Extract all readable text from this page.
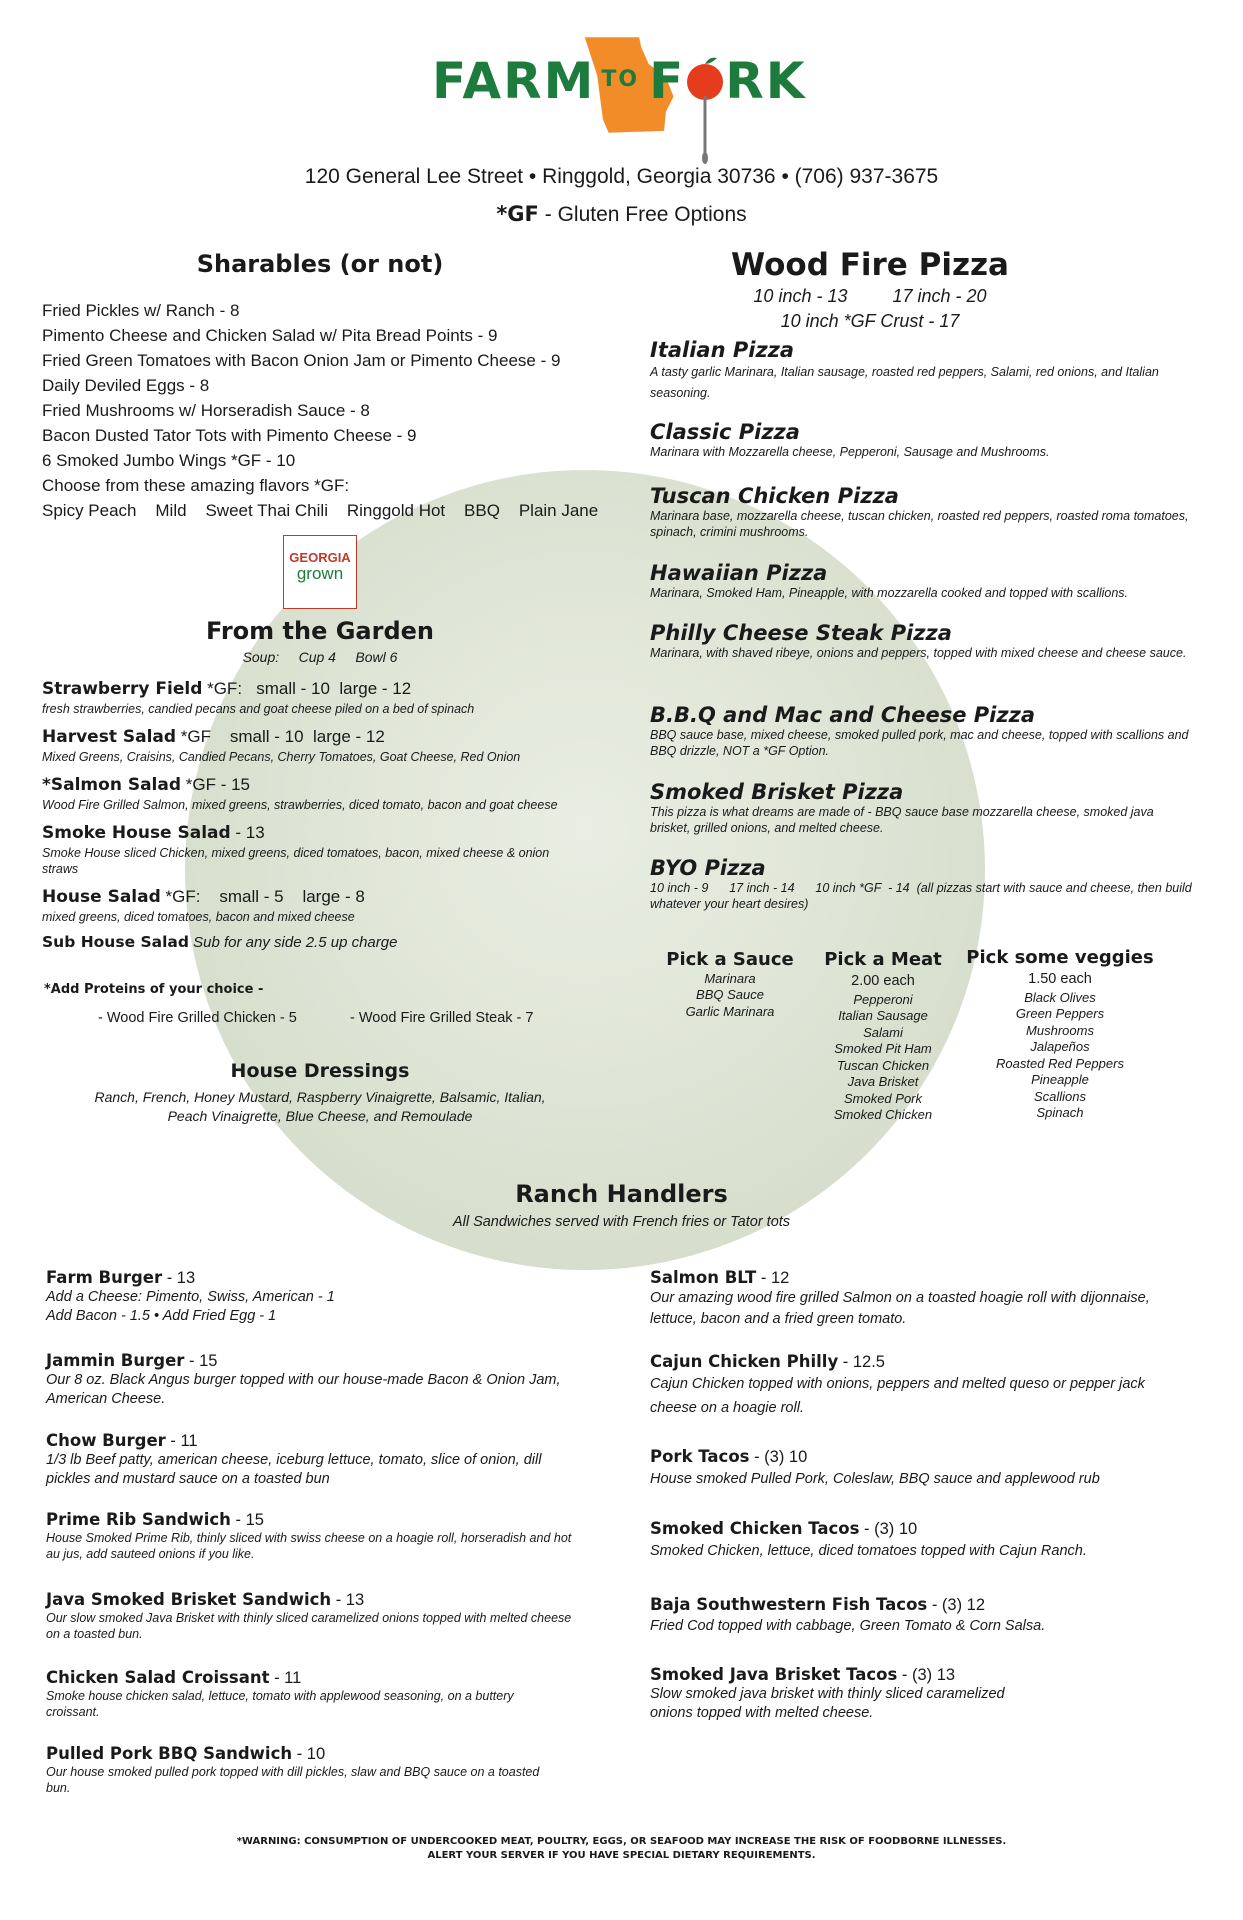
FARM TO F RK
120 General Lee Street • Ringgold, Georgia 30736 • (706) 937-3675
*GF - Gluten Free Options
Sharables (or not)
Fried Pickles w/ Ranch - 8
Pimento Cheese and Chicken Salad w/ Pita Bread Points - 9
Fried Green Tomatoes with Bacon Onion Jam or Pimento Cheese - 9
Daily Deviled Eggs - 8
Fried Mushrooms w/ Horseradish Sauce - 8
Bacon Dusted Tator Tots with Pimento Cheese - 9
6 Smoked Jumbo Wings *GF - 10
Choose from these amazing flavors *GF:
Spicy Peach    Mild    Sweet Thai Chili    Ringgold Hot    BBQ    Plain Jane
GEORGIA
grown
From the Garden
Soup:     Cup 4     Bowl 6
Strawberry Field *GF:   small - 10  large - 12
fresh strawberries, candied pecans and goat cheese piled on a bed of spinach
Harvest Salad *GF    small - 10  large - 12
Mixed Greens, Craisins, Candied Pecans, Cherry Tomatoes, Goat Cheese, Red Onion
*Salmon Salad *GF - 15
Wood Fire Grilled Salmon, mixed greens, strawberries, diced tomato, bacon and goat cheese
Smoke House Salad - 13
Smoke House sliced Chicken, mixed greens, diced tomatoes, bacon, mixed cheese & onion straws
House Salad *GF:    small - 5    large - 8
mixed greens, diced tomatoes, bacon and mixed cheese
Sub House Salad Sub for any side 2.5 up charge
*Add Proteins of your choice -
- Wood Fire Grilled Chicken - 5	- Wood Fire Grilled Steak - 7
House Dressings
Ranch, French, Honey Mustard, Raspberry Vinaigrette, Balsamic, Italian,
Peach Vinaigrette, Blue Cheese, and Remoulade
Wood Fire Pizza
10 inch - 13         17 inch - 20
10 inch *GF Crust - 17
Italian Pizza
A tasty garlic Marinara, Italian sausage, roasted red peppers, Salami, red onions, and Italian seasoning.
Classic Pizza
Marinara with Mozzarella cheese, Pepperoni, Sausage and Mushrooms.
Tuscan Chicken Pizza
Marinara base, mozzarella cheese, tuscan chicken, roasted red peppers, roasted roma tomatoes, spinach, crimini mushrooms.
Hawaiian Pizza
Marinara, Smoked Ham, Pineapple, with mozzarella cooked and topped with scallions.
Philly Cheese Steak Pizza
Marinara, with shaved ribeye, onions and peppers, topped with mixed cheese and cheese sauce.
B.B.Q and Mac and Cheese Pizza
BBQ sauce base, mixed cheese, smoked pulled pork, mac and cheese, topped with scallions and BBQ drizzle, NOT a *GF Option.
Smoked Brisket Pizza
This pizza is what dreams are made of - BBQ sauce base mozzarella cheese, smoked java brisket, grilled onions, and melted cheese.
BYO Pizza
10 inch - 9      17 inch - 14      10 inch *GF  - 14  (all pizzas start with sauce and cheese, then build whatever your heart desires)
Pick a Sauce
Marinara
BBQ Sauce
Garlic Marinara
Pick a Meat
2.00 each
Pepperoni
Italian Sausage
Salami
Smoked Pit Ham
Tuscan Chicken
Java Brisket
Smoked Pork
Smoked Chicken
Pick some veggies
1.50 each
Black Olives
Green Peppers
Mushrooms
Jalapeños
Roasted Red Peppers
Pineapple
Scallions
Spinach
Ranch Handlers
All Sandwiches served with French fries or Tator tots
Farm Burger - 13
Add a Cheese: Pimento, Swiss, American - 1
Add Bacon - 1.5 • Add Fried Egg - 1
Jammin Burger - 15
Our 8 oz. Black Angus burger topped with our house-made Bacon & Onion Jam, American Cheese.
Chow Burger - 11
1/3 lb Beef patty, american cheese, iceburg lettuce, tomato, slice of onion, dill pickles and mustard sauce on a toasted bun
Prime Rib Sandwich - 15
House Smoked Prime Rib, thinly sliced with swiss cheese on a hoagie roll, horseradish and hot au jus, add sauteed onions if you like.
Java Smoked Brisket Sandwich - 13
Our slow smoked Java Brisket with thinly sliced caramelized onions topped with melted cheese on a toasted bun.
Chicken Salad Croissant - 11
Smoke house chicken salad, lettuce, tomato with applewood seasoning, on a buttery croissant.
Pulled Pork BBQ Sandwich - 10
Our house smoked pulled pork topped with dill pickles, slaw and BBQ sauce on a toasted bun.
Salmon BLT - 12
Our amazing wood fire grilled Salmon on a toasted hoagie roll with dijonnaise, lettuce, bacon and a fried green tomato.
Cajun Chicken Philly - 12.5
Cajun Chicken topped with onions, peppers and melted queso or pepper jack cheese on a hoagie roll.
Pork Tacos - (3) 10
House smoked Pulled Pork, Coleslaw, BBQ sauce and applewood rub
Smoked Chicken Tacos - (3) 10
Smoked Chicken, lettuce, diced tomatoes topped with Cajun Ranch.
Baja Southwestern Fish Tacos - (3) 12
Fried Cod topped with cabbage, Green Tomato & Corn Salsa.
Smoked Java Brisket Tacos - (3) 13
Slow smoked java brisket with thinly sliced caramelized onions topped with melted cheese.
*WARNING: CONSUMPTION OF UNDERCOOKED MEAT, POULTRY, EGGS, OR SEAFOOD MAY INCREASE THE RISK OF FOODBORNE ILLNESSES.
ALERT YOUR SERVER IF YOU HAVE SPECIAL DIETARY REQUIREMENTS.
